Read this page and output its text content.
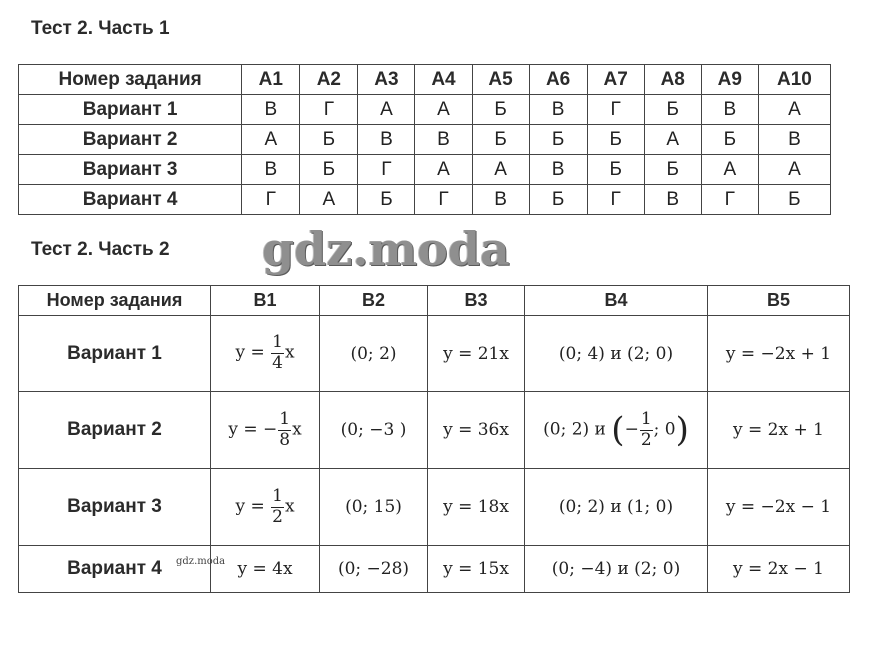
Тест 2. Часть 1
Номер задания	А1	А2	А3	А4	А5	А6	А7	А8	А9	А10
Вариант 1	В	Г	А	А	Б	В	Г	Б	В	А
Вариант 2	А	Б	В	В	Б	Б	Б	А	Б	В
Вариант 3	В	Б	Г	А	А	В	Б	Б	А	А
Вариант 4	Г	А	Б	Г	В	Б	Г	В	Г	Б
Тест 2. Часть 2 gdz.moda
Номер задания	В1	В2	В3	В4	В5
Вариант 1	$y = \frac{1}{4}$ x	(0; 2)	y = 21x	(0; 4) и (2; 0)	y = −2x + 1
Вариант 2	y = − $\frac{1}{8}$ x	(0; −3 )	y = 36x	(0; 2) и (− $\frac{1}{2}$ ; 0)	y = 2x + 1
Вариант 3	$y = \frac{1}{2}$ x	(0; 15)	y = 18x	(0; 2) и (1; 0)	y = −2x − 1
Вариант 4	y = 4x	(0; −28)	y = 15x	(0; −4) и (2; 0)	y = 2x − 1
gdz.moda
